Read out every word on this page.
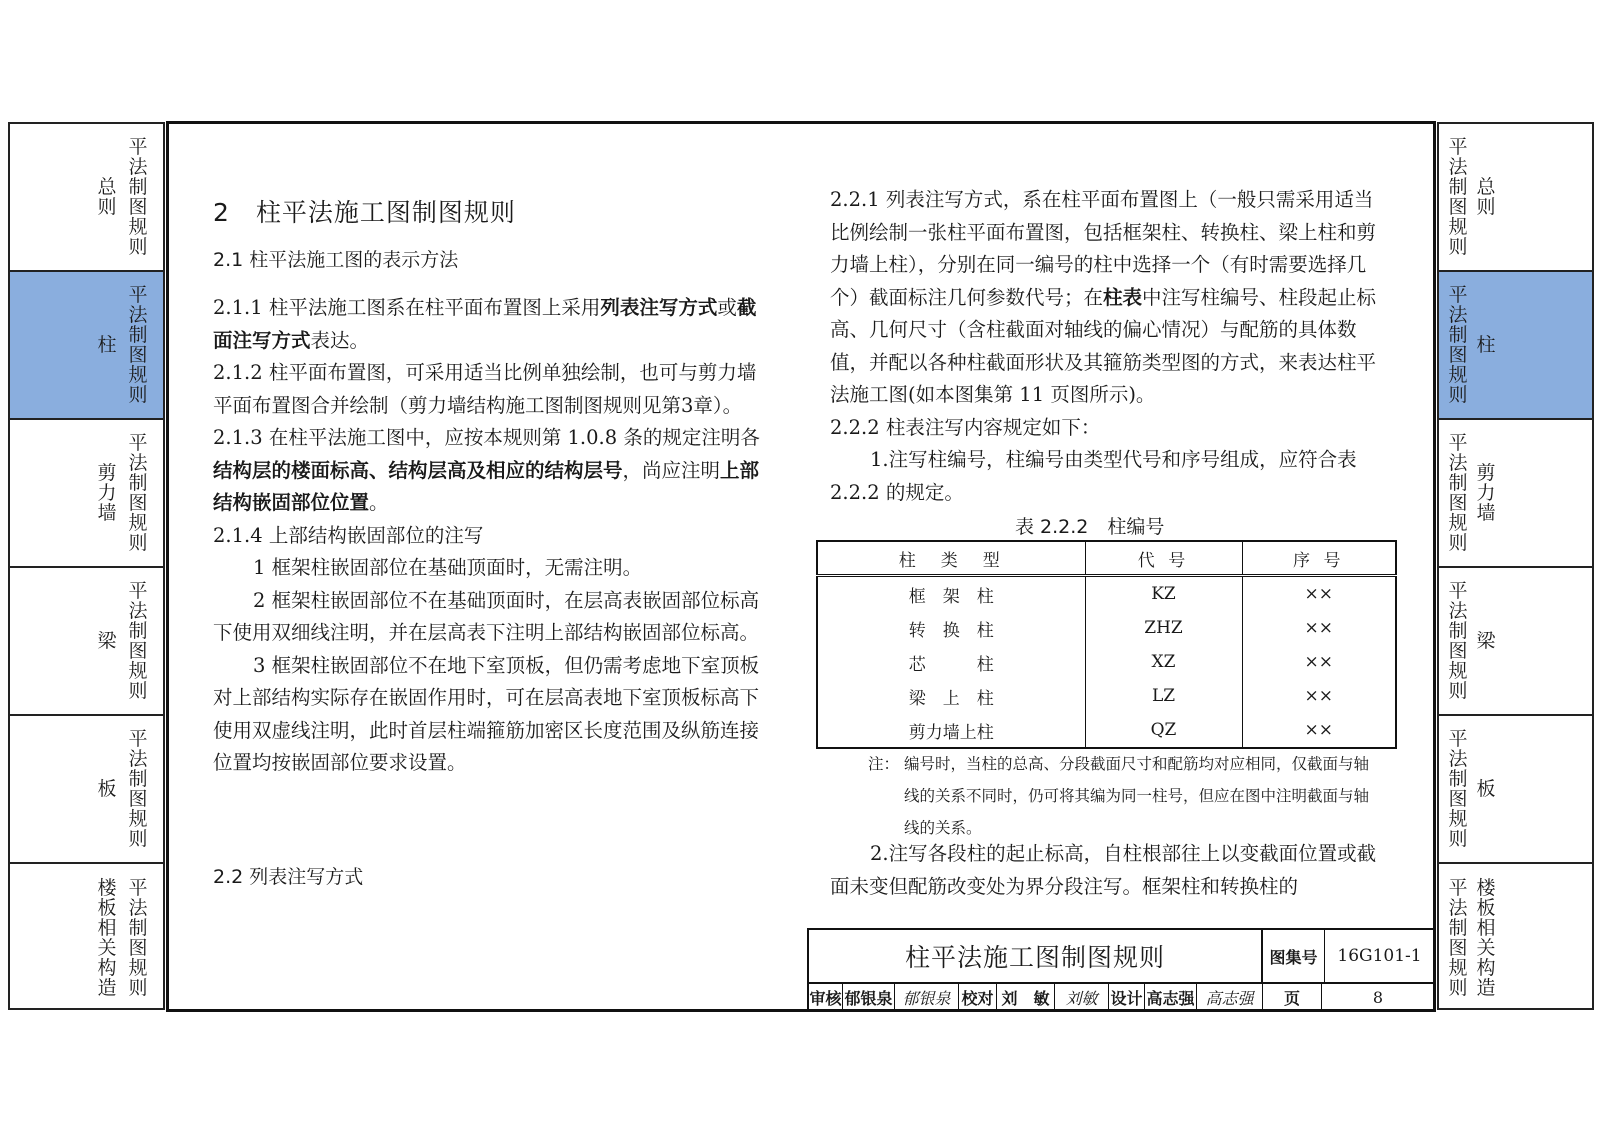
平
法
制
图
规
则
总
则
平
法
制
图
规
则
柱
平
法
制
图
规
则
剪
力
墙
平
法
制
图
规
则
梁
平
法
制
图
规
则
板
平
法
制
图
规
则
楼
板
相
关
构
造
平
法
制
图
规
则
总
则
平
法
制
图
规
则
柱
平
法
制
图
规
则
剪
力
墙
平
法
制
图
规
则
梁
平
法
制
图
规
则
板
平
法
制
图
规
则
楼
板
相
关
构
造
2　柱平法施工图制图规则
2.1 柱平法施工图的表示方法

2.1.1 柱平法施工图系在柱平面布置图上采用列表注写方式或截面注写方式表达。

2.1.2 柱平面布置图，可采用适当比例单独绘制，也可与剪力墙平面布置图合并绘制（剪力墙结构施工图制图规则见第3章）。

2.1.3 在柱平法施工图中，应按本规则第 1.0.8 条的规定注明各结构层的楼面标高、结构层高及相应的结构层号，尚应注明上部结构嵌固部位位置。

2.1.4 上部结构嵌固部位的注写

1 框架柱嵌固部位在基础顶面时，无需注明。

2 框架柱嵌固部位不在基础顶面时，在层高表嵌固部位标高下使用双细线注明，并在层高表下注明上部结构嵌固部位标高。

3 框架柱嵌固部位不在地下室顶板，但仍需考虑地下室顶板对上部结构实际存在嵌固作用时，可在层高表地下室顶板标高下使用双虚线注明，此时首层柱端箍筋加密区长度范围及纵筋连接位置均按嵌固部位要求设置。

2.2 列表注写方式

2.2.1 列表注写方式，系在柱平面布置图上（一般只需采用适当比例绘制一张柱平面布置图，包括框架柱、转换柱、梁上柱和剪力墙上柱），分别在同一编号的柱中选择一个（有时需要选择几个）截面标注几何参数代号；在柱表中注写柱编号、柱段起止标高、几何尺寸（含柱截面对轴线的偏心情况）与配筋的具体数值，并配以各种柱截面形状及其箍筋类型图的方式，来表达柱平法施工图(如本图集第 11 页图所示)。

2.2.2 柱表注写内容规定如下：

1.注写柱编号，柱编号由类型代号和序号组成，应符合表 2.2.2 的规定。

表 2.2.2　柱编号
柱　类　型	代 号	序 号
框　架　柱	KZ	××
转　换　柱	ZHZ	××
芯　　　柱	XZ	××
梁　上　柱	LZ	××
剪力墙上柱	QZ	××
注： 编号时，当柱的总高、分段截面尺寸和配筋均对应相同，仅截面与轴线的关系不同时，仍可将其编为同一柱号，但应在图中注明截面与轴线的关系。

2.注写各段柱的起止标高，自柱根部往上以变截面位置或截面未变但配筋改变处为界分段注写。框架柱和转换柱的

柱平法施工图制图规则	图集号	16G101-1
审核 郁银泉 郁银泉 校对 刘　敏 刘敏 设计 高志强 高志强	页	8
